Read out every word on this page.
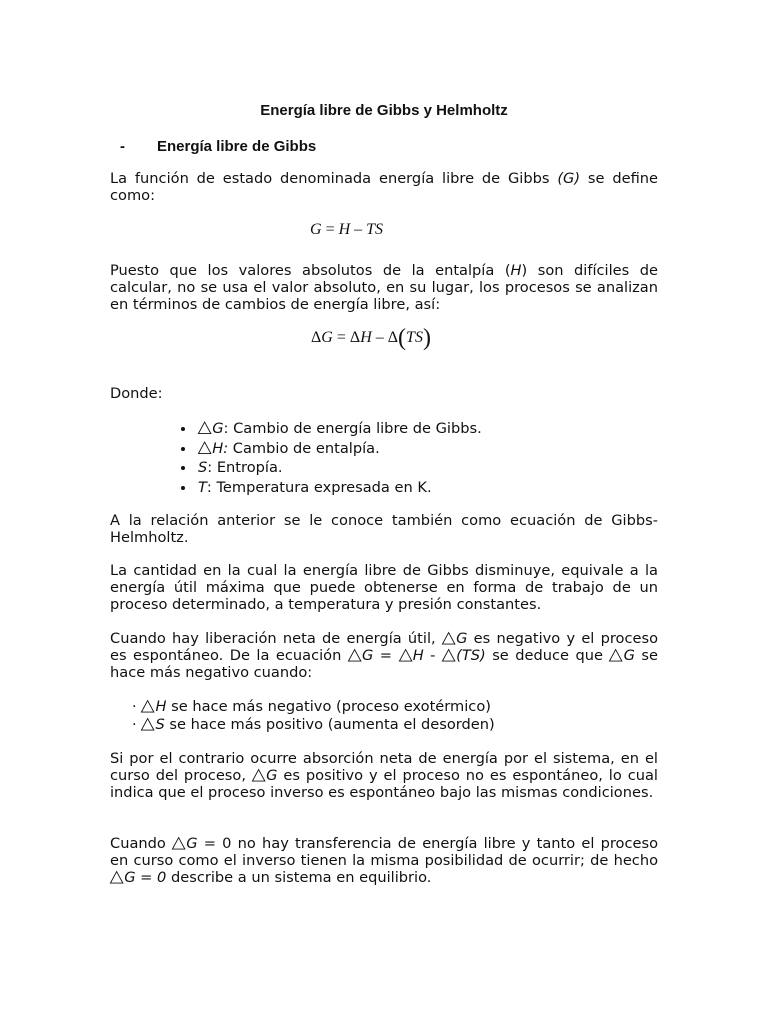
Energía libre de Gibbs y Helmholtz
- Energía libre de Gibbs
La función de estado denominada energía libre de Gibbs (G) se define como:
G = H – TS
Puesto que los valores absolutos de la entalpía (H) son difíciles de calcular, no se usa el valor absoluto, en su lugar, los procesos se analizan en términos de cambios de energía libre, así:
ΔG = ΔH – Δ(TS)
Donde:
• △G: Cambio de energía libre de Gibbs.
• △H: Cambio de entalpía.
• S: Entropía.
• T: Temperatura expresada en K.
A la relación anterior se le conoce también como ecuación de Gibbs-Helmholtz.
La cantidad en la cual la energía libre de Gibbs disminuye, equivale a la energía útil máxima que puede obtenerse en forma de trabajo de un proceso determinado, a temperatura y presión constantes.
Cuando hay liberación neta de energía útil, △G es negativo y el proceso es espontáneo. De la ecuación △G = △H - △(TS) se deduce que △G se hace más negativo cuando:
· △H se hace más negativo (proceso exotérmico)
· △S se hace más positivo (aumenta el desorden)
Si por el contrario ocurre absorción neta de energía por el sistema, en el curso del proceso, △G es positivo y el proceso no es espontáneo, lo cual indica que el proceso inverso es espontáneo bajo las mismas condiciones.
Cuando △G = 0 no hay transferencia de energía libre y tanto el proceso en curso como el inverso tienen la misma posibilidad de ocurrir; de hecho △G = 0 describe a un sistema en equilibrio.
